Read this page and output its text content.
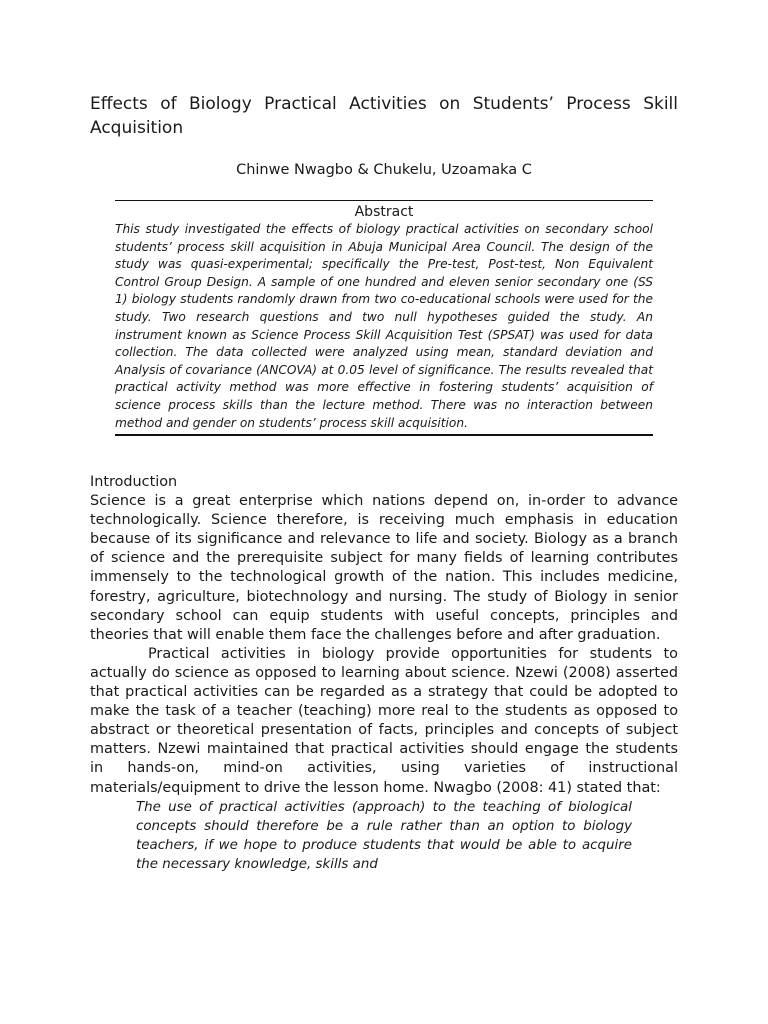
Effects of Biology Practical Activities on Students’ Process Skill Acquisition
Chinwe Nwagbo & Chukelu, Uzoamaka C

Abstract

This study investigated the effects of biology practical activities on secondary school students’ process skill acquisition in Abuja Municipal Area Council. The design of the study was quasi-experimental; specifically the Pre-test, Post-test, Non Equivalent Control Group Design. A sample of one hundred and eleven senior secondary one (SS 1) biology students randomly drawn from two co-educational schools were used for the study. Two research questions and two null hypotheses guided the study. An instrument known as Science Process Skill Acquisition Test (SPSAT) was used for data collection. The data collected were analyzed using mean, standard deviation and Analysis of covariance (ANCOVA) at 0.05 level of significance. The results revealed that practical activity method was more effective in fostering students’ acquisition of science process skills than the lecture method. There was no interaction between method and gender on students’ process skill acquisition.

Introduction

Science is a great enterprise which nations depend on, in-order to advance technologically. Science therefore, is receiving much emphasis in education because of its significance and relevance to life and society. Biology as a branch of science and the prerequisite subject for many fields of learning contributes immensely to the technological growth of the nation. This includes medicine, forestry, agriculture, biotechnology and nursing. The study of Biology in senior secondary school can equip students with useful concepts, principles and theories that will enable them face the challenges before and after graduation.

Practical activities in biology provide opportunities for students to actually do science as opposed to learning about science. Nzewi (2008) asserted that practical activities can be regarded as a strategy that could be adopted to make the task of a teacher (teaching) more real to the students as opposed to abstract or theoretical presentation of facts, principles and concepts of subject matters. Nzewi maintained that practical activities should engage the students in hands-on, mind-on activities, using varieties of instructional materials/equipment to drive the lesson home. Nwagbo (2008: 41) stated that:

The use of practical activities (approach) to the teaching of biological concepts should therefore be a rule rather than an option to biology teachers, if we hope to produce students that would be able to acquire the necessary knowledge, skills and
